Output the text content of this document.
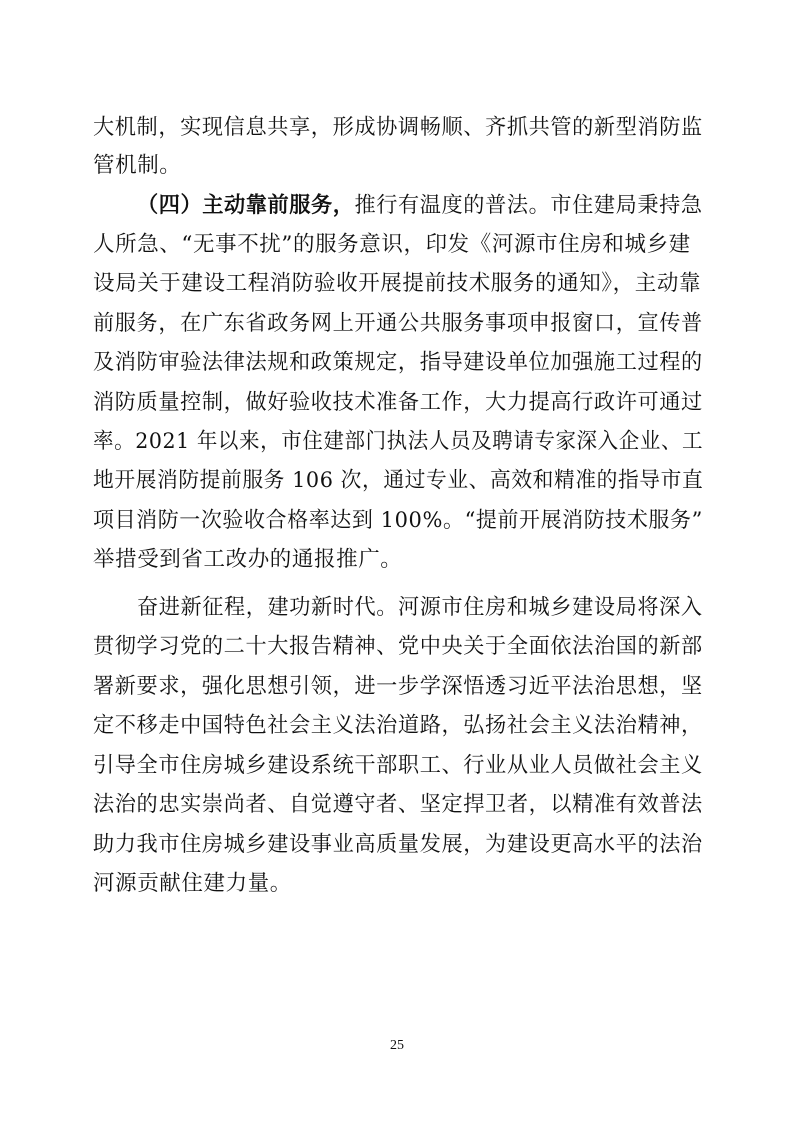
大机制，实现信息共享，形成协调畅顺、齐抓共管的新型消防监
管机制。
（四）主动靠前服务，推行有温度的普法。市住建局秉持急
人所急、“无事不扰”的服务意识，印发《河源市住房和城乡建
设局关于建设工程消防验收开展提前技术服务的通知》，主动靠
前服务，在广东省政务网上开通公共服务事项申报窗口，宣传普
及消防审验法律法规和政策规定，指导建设单位加强施工过程的
消防质量控制，做好验收技术准备工作，大力提高行政许可通过
率。2021 年以来，市住建部门执法人员及聘请专家深入企业、工
地开展消防提前服务 106 次，通过专业、高效和精准的指导市直
项目消防一次验收合格率达到 100%。“提前开展消防技术服务”
举措受到省工改办的通报推广。
奋进新征程，建功新时代。河源市住房和城乡建设局将深入
贯彻学习党的二十大报告精神、党中央关于全面依法治国的新部
署新要求，强化思想引领，进一步学深悟透习近平法治思想，坚
定不移走中国特色社会主义法治道路，弘扬社会主义法治精神，
引导全市住房城乡建设系统干部职工、行业从业人员做社会主义
法治的忠实崇尚者、自觉遵守者、坚定捍卫者，以精准有效普法
助力我市住房城乡建设事业高质量发展，为建设更高水平的法治
河源贡献住建力量。
25
